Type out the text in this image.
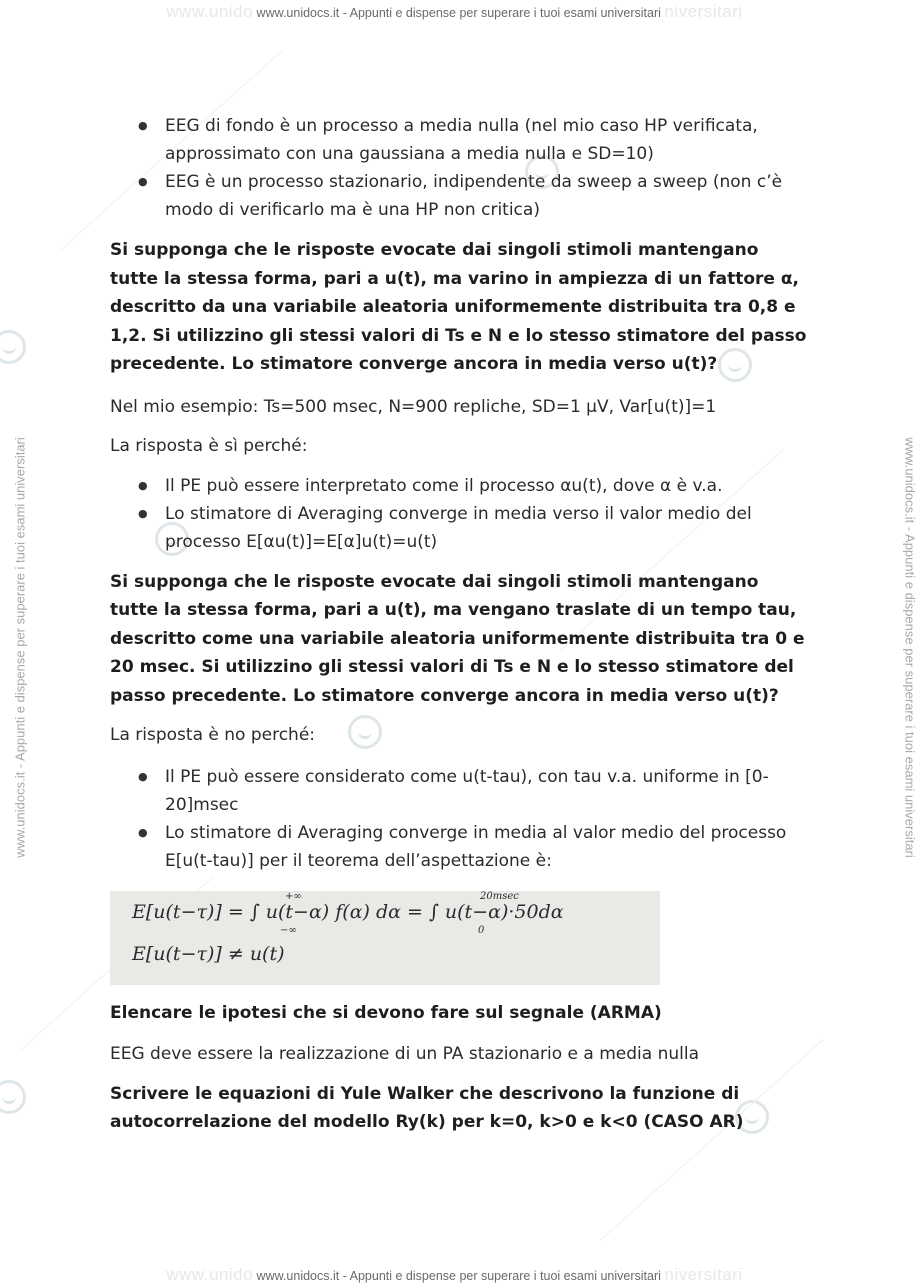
www.unido www.unidocs.it - Appunti e dispense per superare i tuoi esami universitari niversitari
www.unido www.unidocs.it - Appunti e dispense per superare i tuoi esami universitari niversitari
www.unidocs.it - Appunti e dispense per superare i tuoi esami universitari	www.unidocs.it - Appunti e dispense per superare i tuoi esami universitari
● EEG di fondo è un processo a media nulla (nel mio caso HP verificata, approssimato con una gaussiana a media nulla e SD=10)
● EEG è un processo stazionario, indipendente da sweep a sweep (non c’è modo di verificarlo ma è una HP non critica)

Si supponga che le risposte evocate dai singoli stimoli mantengano tutte la stessa forma, pari a u(t), ma varino in ampiezza di un fattore α, descritto da una variabile aleatoria uniformemente distribuita tra 0,8 e 1,2. Si utilizzino gli stessi valori di Ts e N e lo stesso stimatore del passo precedente. Lo stimatore converge ancora in media verso u(t)?

Nel mio esempio: Ts=500 msec, N=900 repliche, SD=1 µV, Var[u(t)]=1

La risposta è sì perché:

● Il PE può essere interpretato come il processo αu(t), dove α è v.a.
● Lo stimatore di Averaging converge in media verso il valor medio del processo E[αu(t)]=E[α]u(t)=u(t)

Si supponga che le risposte evocate dai singoli stimoli mantengano tutte la stessa forma, pari a u(t), ma vengano traslate di un tempo tau, descritto come una variabile aleatoria uniformemente distribuita tra 0 e 20 msec. Si utilizzino gli stessi valori di Ts e N e lo stesso stimatore del passo precedente. Lo stimatore converge ancora in media verso u(t)?

La risposta è no perché:

● Il PE può essere considerato come u(t-tau), con tau v.a. uniforme in [0-20]msec
● Lo stimatore di Averaging converge in media al valor medio del processo E[u(t-tau)] per il teorema dell’aspettazione è:
E[u(t−τ)] = ∫ u(t−α) f(α) dα = ∫ u(t−α)·50dα
+∞
−∞
20msec
0
E[u(t−τ)] ≠ u(t)

Elencare le ipotesi che si devono fare sul segnale (ARMA)

EEG deve essere la realizzazione di un PA stazionario e a media nulla

Scrivere le equazioni di Yule Walker che descrivono la funzione di autocorrelazione del modello Ry(k) per k=0, k>0 e k<0 (CASO AR)
